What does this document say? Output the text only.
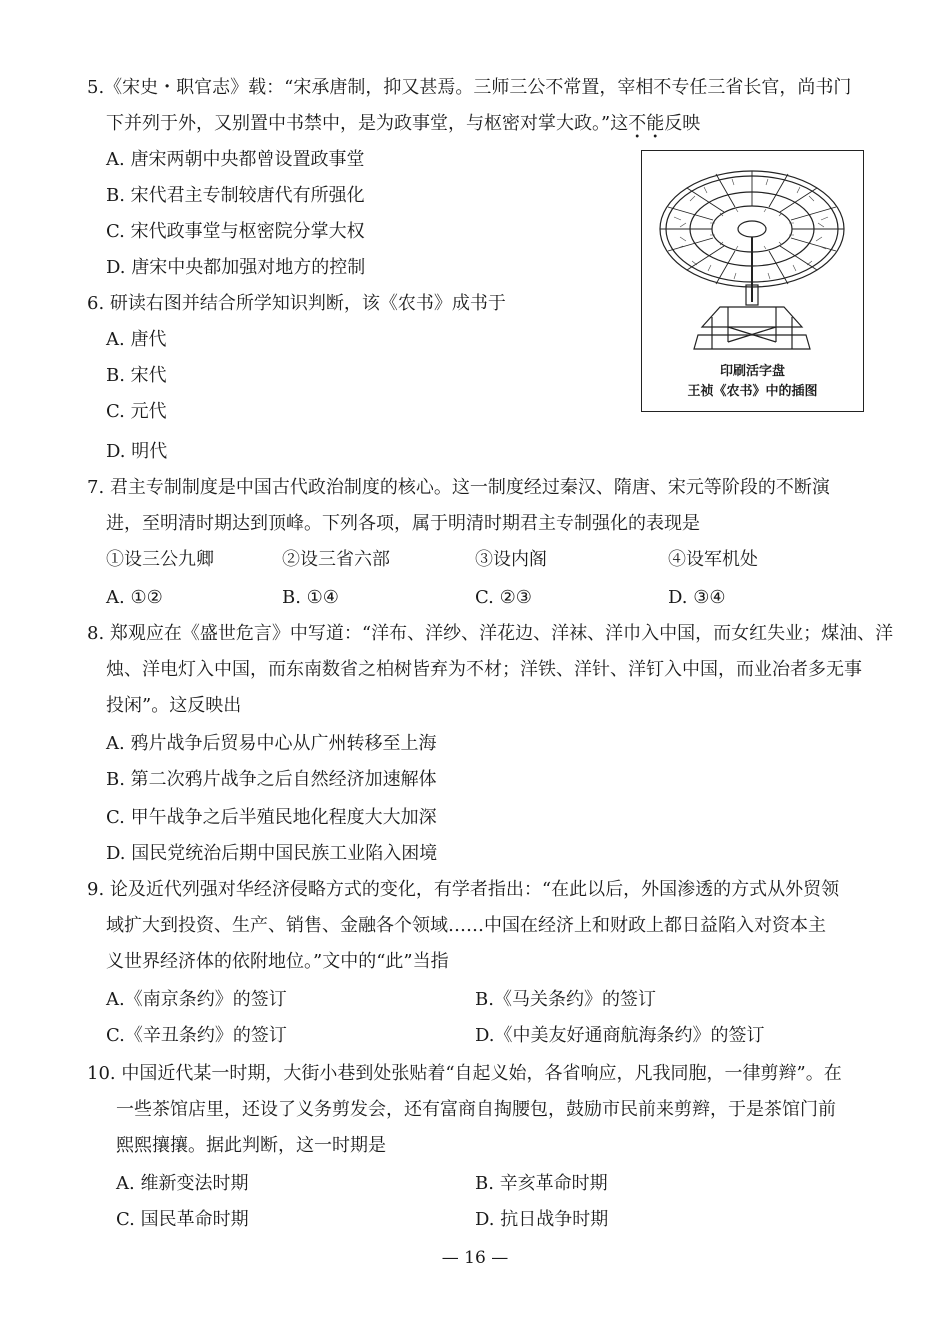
5.《宋史・职官志》载：“宋承唐制，抑又甚焉。三师三公不常置，宰相不专任三省长官，尚书门
下并列于外，又别置中书禁中，是为政事堂，与枢密对掌大政。”这不能反映
A. 唐宋两朝中央都曾设置政事堂
B. 宋代君主专制较唐代有所强化
C. 宋代政事堂与枢密院分掌大权
D. 唐宋中央都加强对地方的控制
6. 研读右图并结合所学知识判断，该《农书》成书于
A. 唐代
B. 宋代
C. 元代
D. 明代
印刷活字盘
王祯《农书》中的插图
7. 君主专制制度是中国古代政治制度的核心。这一制度经过秦汉、隋唐、宋元等阶段的不断演
进，至明清时期达到顶峰。下列各项，属于明清时期君主专制强化的表现是
①设三公九卿	②设三省六部	③设内阁	④设军机处
A. ①②	B. ①④	C. ②③	D. ③④
8. 郑观应在《盛世危言》中写道：“洋布、洋纱、洋花边、洋袜、洋巾入中国，而女红失业；煤油、洋
烛、洋电灯入中国，而东南数省之柏树皆弃为不材；洋铁、洋针、洋钉入中国，而业冶者多无事
投闲”。这反映出
A. 鸦片战争后贸易中心从广州转移至上海
B. 第二次鸦片战争之后自然经济加速解体
C. 甲午战争之后半殖民地化程度大大加深
D. 国民党统治后期中国民族工业陷入困境
9. 论及近代列强对华经济侵略方式的变化，有学者指出：“在此以后，外国渗透的方式从外贸领
域扩大到投资、生产、销售、金融各个领域……中国在经济上和财政上都日益陷入对资本主
义世界经济体的依附地位。”文中的“此”当指
A.《南京条约》的签订	B.《马关条约》的签订
C.《辛丑条约》的签订	D.《中美友好通商航海条约》的签订
10. 中国近代某一时期，大街小巷到处张贴着“自起义始，各省响应，凡我同胞，一律剪辫”。在
一些茶馆店里，还设了义务剪发会，还有富商自掏腰包，鼓励市民前来剪辫，于是茶馆门前
熙熙攘攘。据此判断，这一时期是
A. 维新变法时期	B. 辛亥革命时期
C. 国民革命时期	D. 抗日战争时期
— 16 —
